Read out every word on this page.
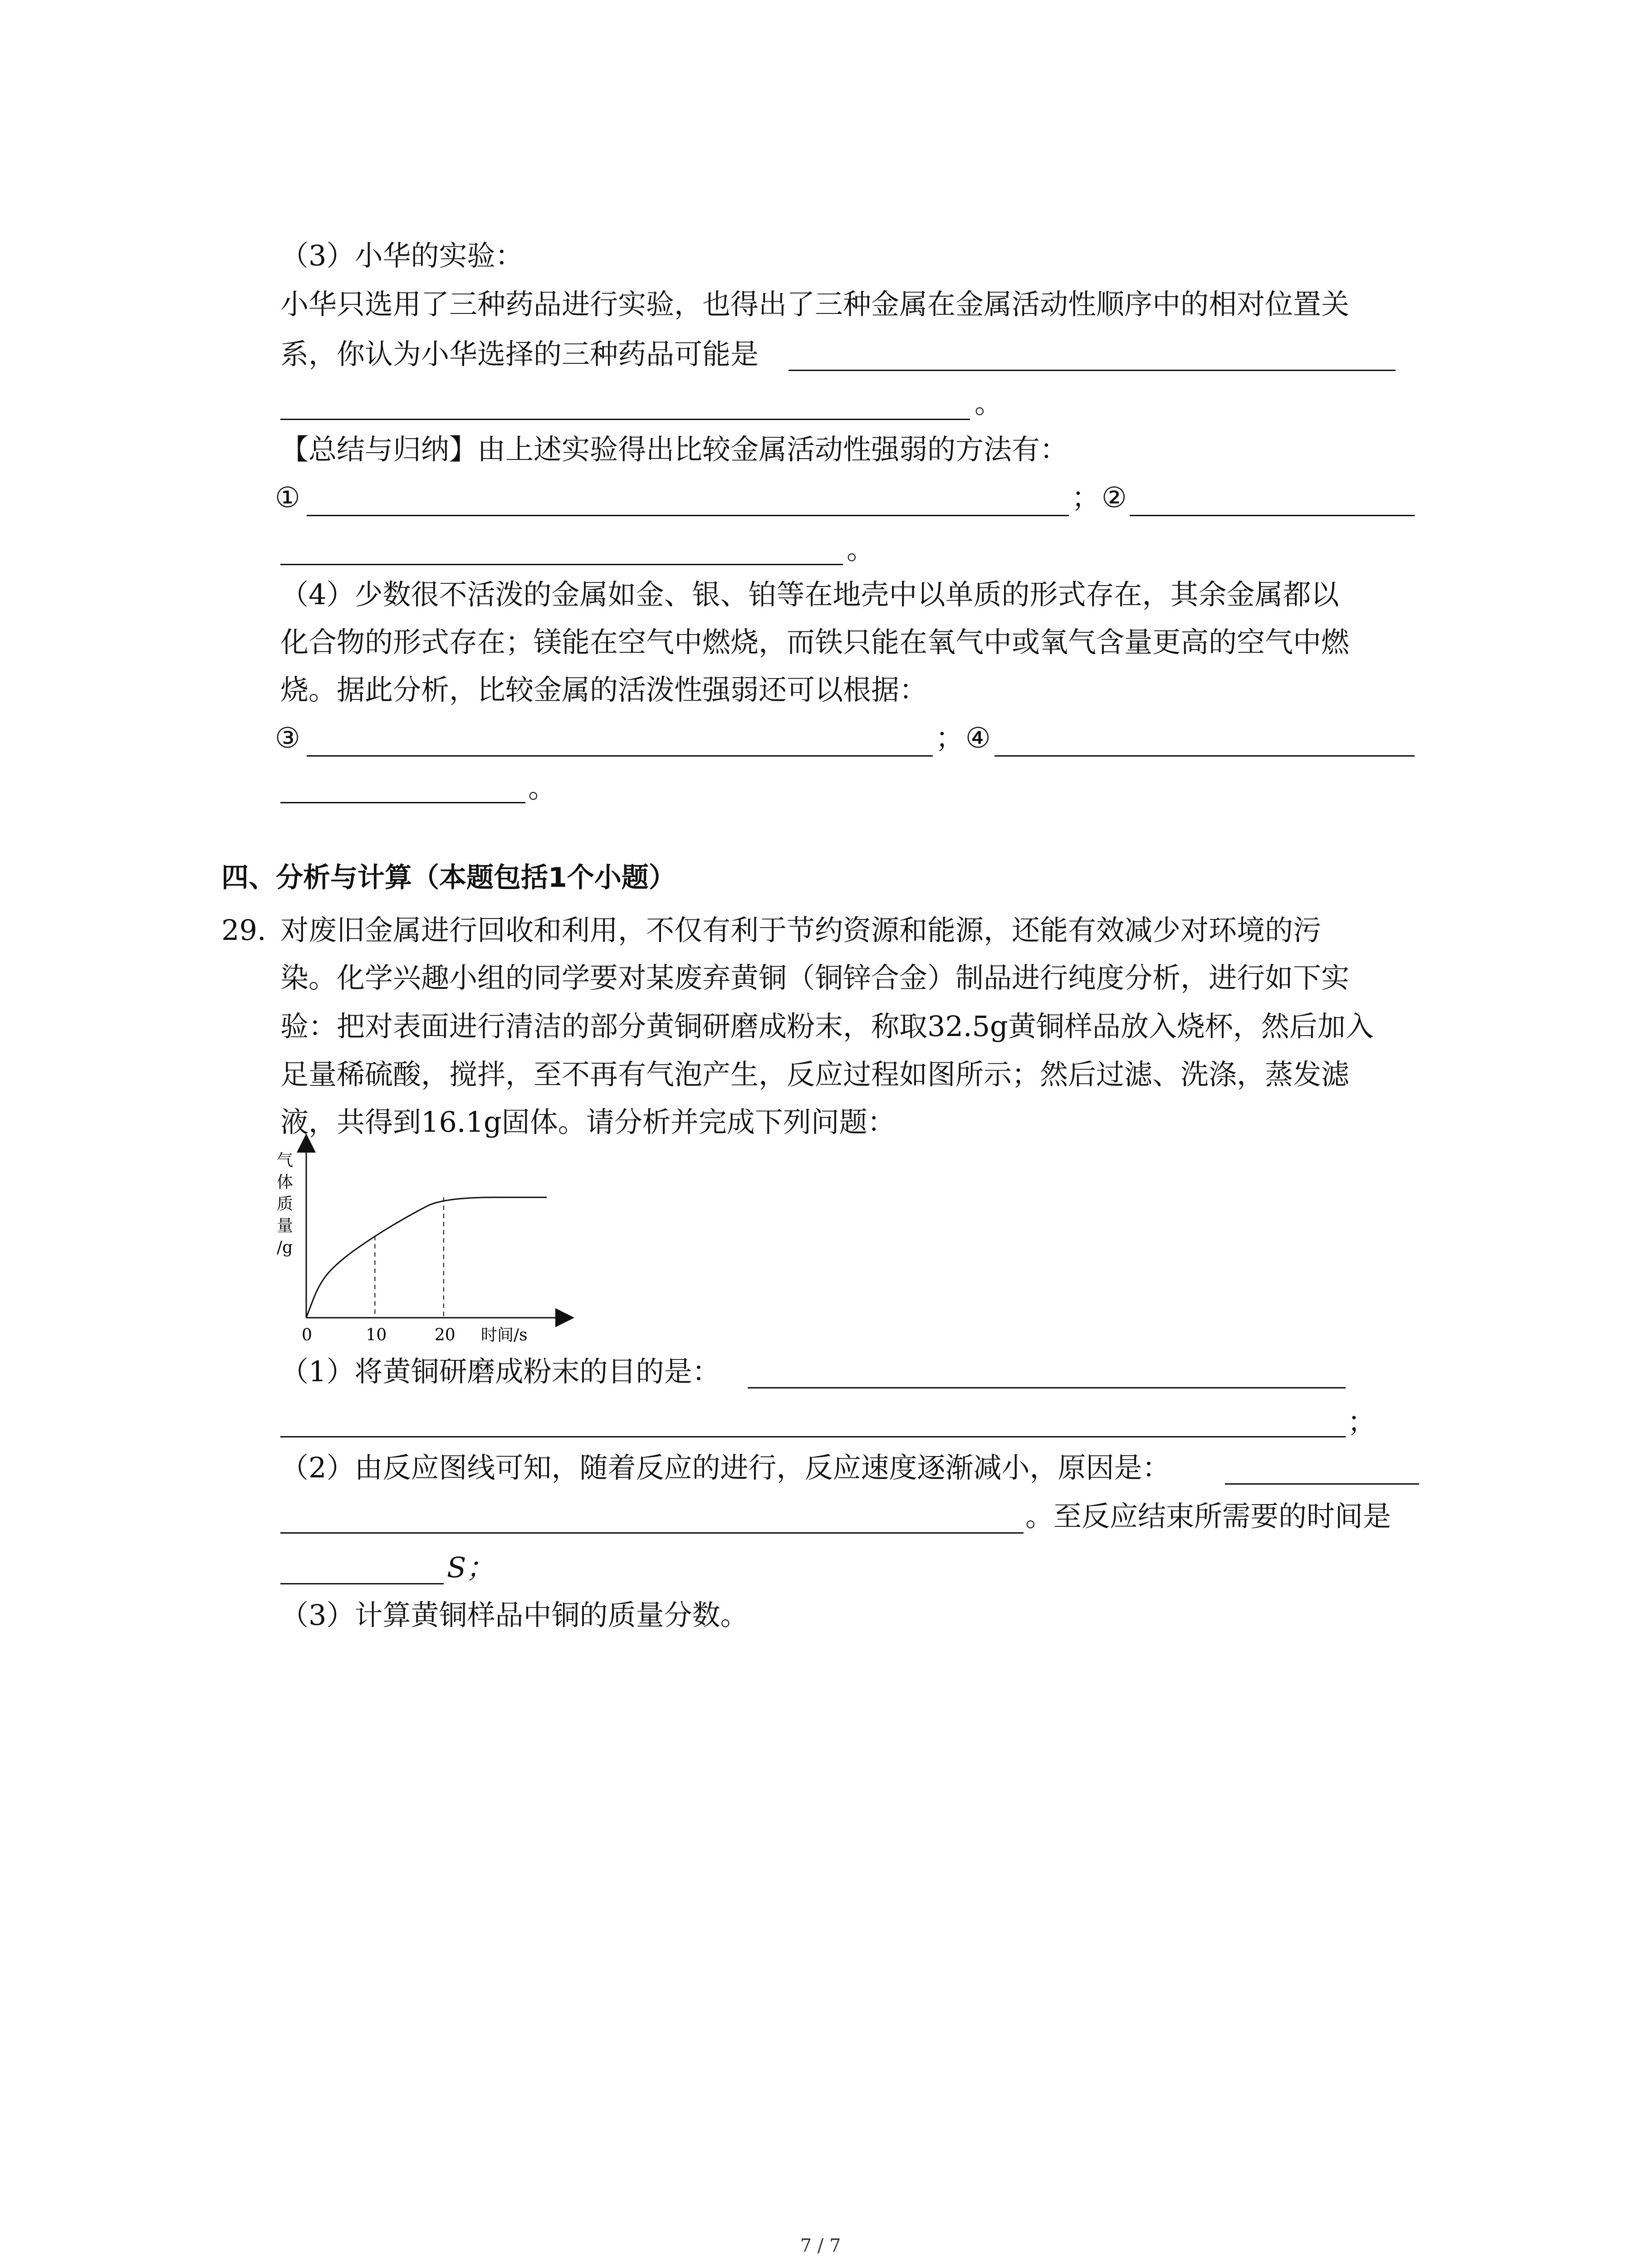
（3）小华的实验：
小华只选用了三种药品进行实验，也得出了三种金属在金属活动性顺序中的相对位置关
系，你认为小华选择的三种药品可能是
。
【总结与归纳】由上述实验得出比较金属活动性强弱的方法有：
①	； ②
。
（4）少数很不活泼的金属如金、银、铂等在地壳中以单质的形式存在，其余金属都以
化合物的形式存在；镁能在空气中燃烧，而铁只能在氧气中或氧气含量更高的空气中燃
烧。据此分析，比较金属的活泼性强弱还可以根据：
③	； ④
。
四、分析与计算（本题包括1个小题）
29. 对废旧金属进行回收和利用，不仅有利于节约资源和能源，还能有效减少对环境的污
染。化学兴趣小组的同学要对某废弃黄铜（铜锌合金）制品进行纯度分析，进行如下实
验：把对表面进行清洁的部分黄铜研磨成粉末，称取32.5g黄铜样品放入烧杯，然后加入
足量稀硫酸，搅拌，至不再有气泡产生，反应过程如图所示；然后过滤、洗涤，蒸发滤
液，共得到16.1g固体。请分析并完成下列问题：
气
体
质
量
/g
0	10	20 时间/s
（1）将黄铜研磨成粉末的目的是：
；
（2）由反应图线可知，随着反应的进行，反应速度逐渐减小，原因是：
。至反应结束所需要的时间是
S；
（3）计算黄铜样品中铜的质量分数。
7 / 7
